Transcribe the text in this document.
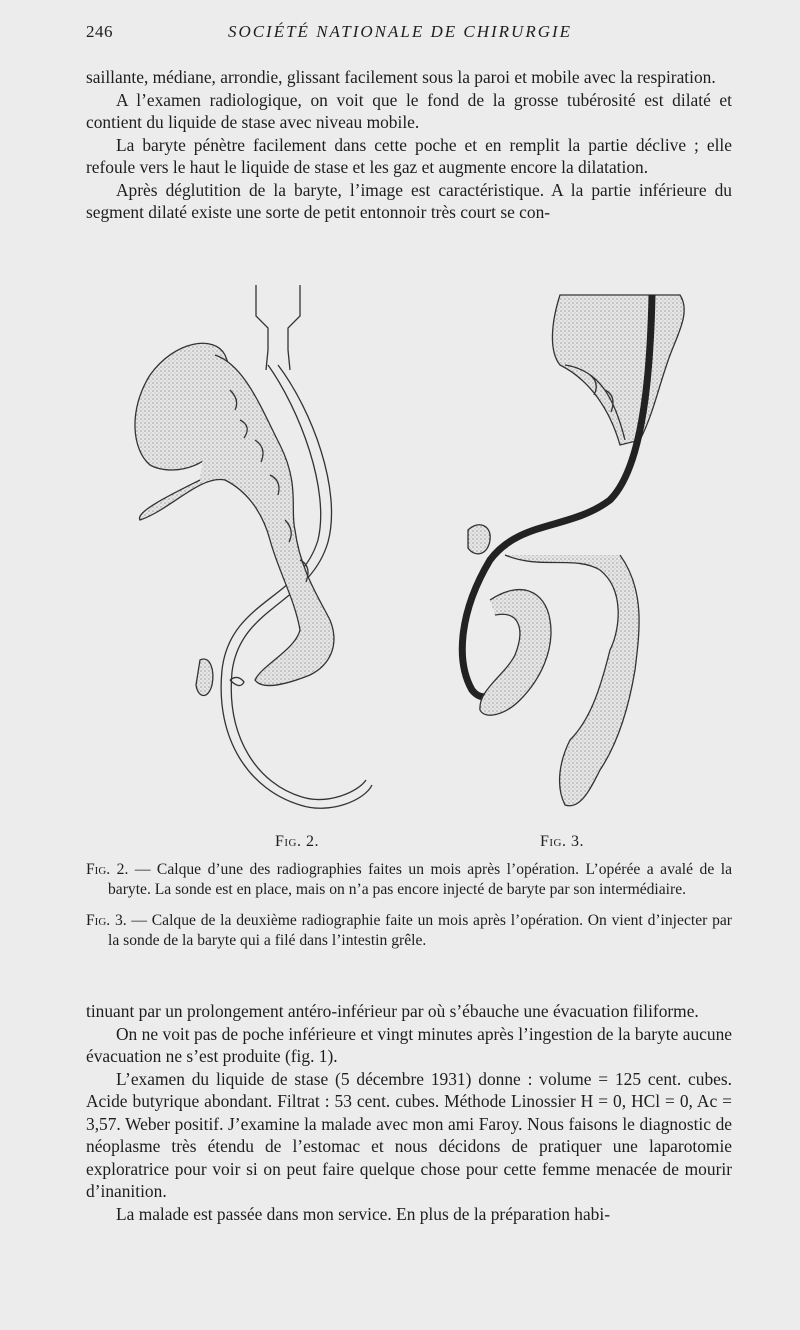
246	SOCIÉTÉ NATIONALE DE CHIRURGIE

saillante, médiane, arrondie, glissant facilement sous la paroi et mobile avec la respiration.

A l’examen radiologique, on voit que le fond de la grosse tubérosité est dilaté et contient du liquide de stase avec niveau mobile.

La baryte pénètre facilement dans cette poche et en remplit la partie déclive ; elle refoule vers le haut le liquide de stase et les gaz et augmente encore la dilatation.

Après déglutition de la baryte, l’image est caractéristique. A la partie inférieure du segment dilaté existe une sorte de petit entonnoir très court se con-

Fig. 2.	Fig. 3.

Fig. 2. — Calque d’une des radiographies faites un mois après l’opération. L’opérée a avalé de la baryte. La sonde est en place, mais on n’a pas encore injecté de baryte par son intermédiaire.

Fig. 3. — Calque de la deuxième radiographie faite un mois après l’opération. On vient d’injecter par la sonde de la baryte qui a filé dans l’intestin grêle.

tinuant par un prolongement antéro-inférieur par où s’ébauche une évacuation filiforme.

On ne voit pas de poche inférieure et vingt minutes après l’ingestion de la baryte aucune évacuation ne s’est produite (fig. 1).

L’examen du liquide de stase (5 décembre 1931) donne : volume = 125 cent. cubes. Acide butyrique abondant. Filtrat : 53 cent. cubes. Méthode Linossier H = 0, HCl = 0, Ac = 3,57. Weber positif. J’examine la malade avec mon ami Faroy. Nous faisons le diagnostic de néoplasme très étendu de l’estomac et nous décidons de pratiquer une laparotomie exploratrice pour voir si on peut faire quelque chose pour cette femme menacée de mourir d’inanition.

La malade est passée dans mon service. En plus de la préparation habi-
